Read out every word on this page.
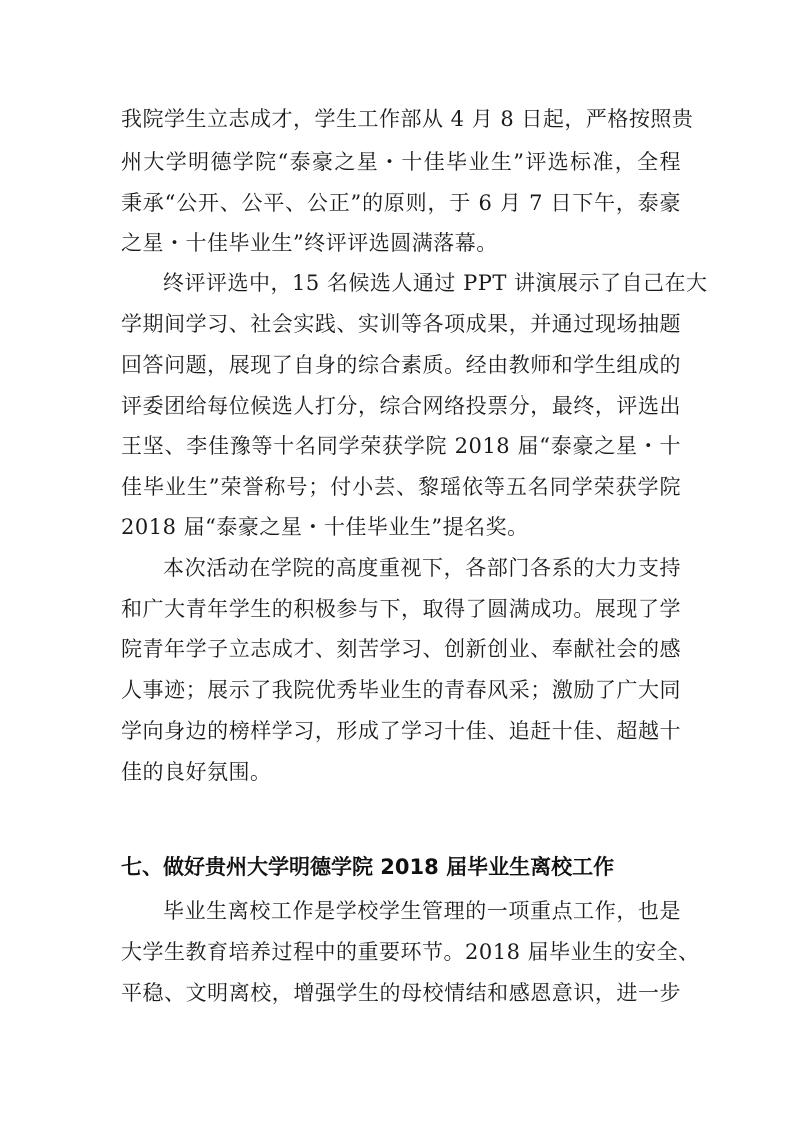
我院学生立志成才，学生工作部从 4 月 8 日起，严格按照贵
州大学明德学院“泰豪之星・十佳毕业生”评选标准，全程
秉承“公开、公平、公正”的原则，于 6 月 7 日下午，泰豪
之星・十佳毕业生”终评评选圆满落幕。
终评评选中，15 名候选人通过 PPT 讲演展示了自己在大
学期间学习、社会实践、实训等各项成果，并通过现场抽题
回答问题，展现了自身的综合素质。经由教师和学生组成的
评委团给每位候选人打分，综合网络投票分，最终，评选出
王坚、李佳豫等十名同学荣获学院 2018 届“泰豪之星・十
佳毕业生”荣誉称号；付小芸、黎瑶依等五名同学荣获学院
2018 届“泰豪之星・十佳毕业生”提名奖。
本次活动在学院的高度重视下，各部门各系的大力支持
和广大青年学生的积极参与下，取得了圆满成功。展现了学
院青年学子立志成才、刻苦学习、创新创业、奉献社会的感
人事迹；展示了我院优秀毕业生的青春风采；激励了广大同
学向身边的榜样学习，形成了学习十佳、追赶十佳、超越十
佳的良好氛围。
七、做好贵州大学明德学院 2018 届毕业生离校工作
毕业生离校工作是学校学生管理的一项重点工作，也是
大学生教育培养过程中的重要环节。2018 届毕业生的安全、
平稳、文明离校，增强学生的母校情结和感恩意识，进一步
